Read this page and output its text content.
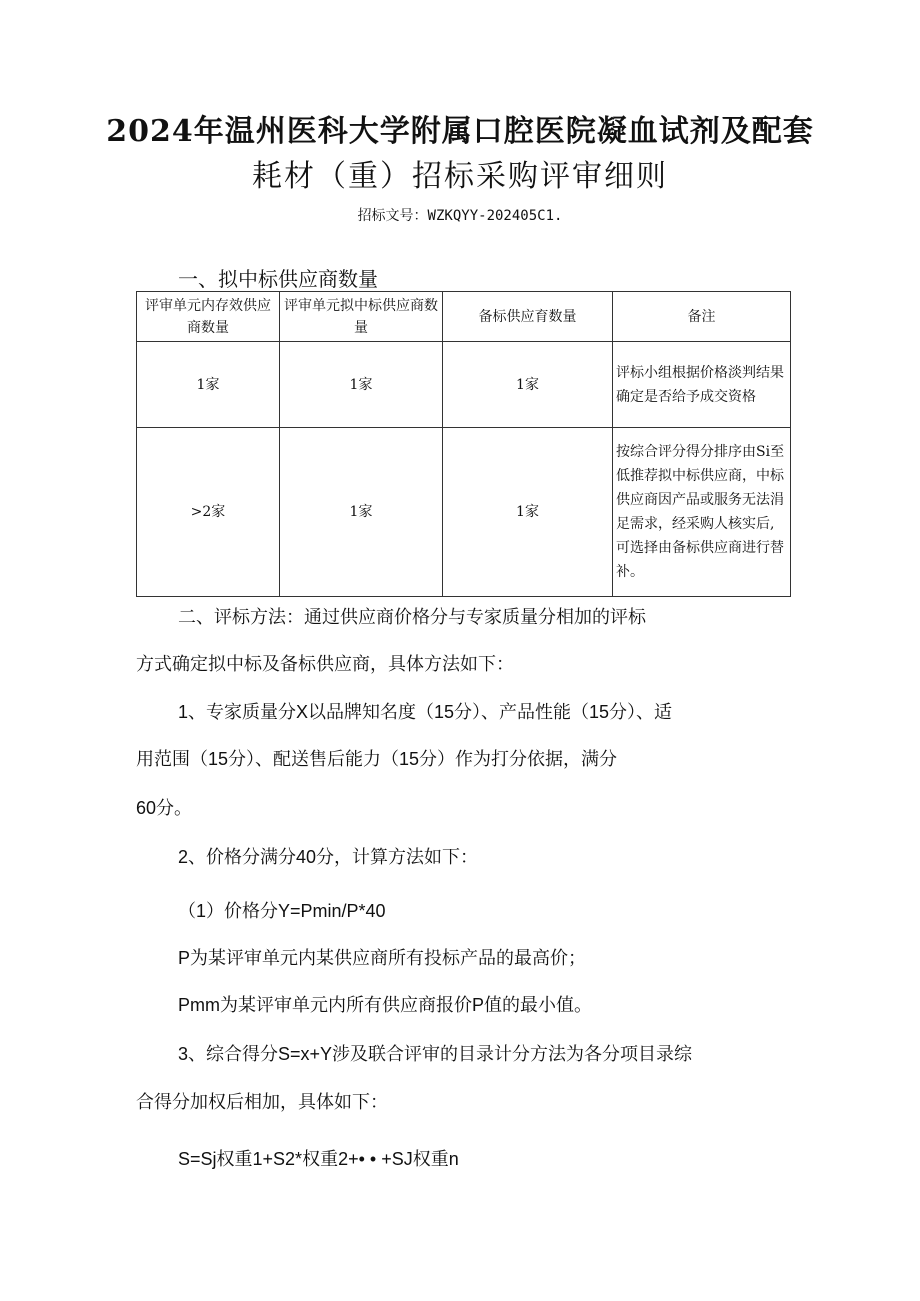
2024年温州医科大学附属口腔医院凝血试剂及配套
耗材（重）招标采购评审细则
招标文号：WZKQYY-202405C1.
一、拟中标供应商数量
评审单元内存效供应商数量	评审单元拟中标供应商数量	备标供应育数量	备注
1家	1家	1家	评标小组根据价格淡判结果确定是否给予成交资格
>2家	1家	1家	按综合评分得分排序由Si至低推荐拟中标供应商，中标供应商因产品或服务无法涓足需求，经采购人核实后,可选择由备标供应商进行替补。

二、评标方法：通过供应商价格分与专家质量分相加的评标

方式确定拟中标及备标供应商，具体方法如下：

1、专家质量分X以品牌知名度（15分）、产品性能（15分）、适

用范围（15分）、配送售后能力（15分）作为打分依据，满分

60分。

2、价格分满分40分，计算方法如下：

（1）价格分Y=Pmin/P*40

P为某评审单元内某供应商所有投标产品的最高价；

Pmm为某评审单元内所有供应商报价P值的最小值。

3、综合得分S=x+Y涉及联合评审的目录计分方法为各分项目录综

合得分加权后相加，具体如下：

S=Sj权重1+S2*权重2+• • +SJ权重n
